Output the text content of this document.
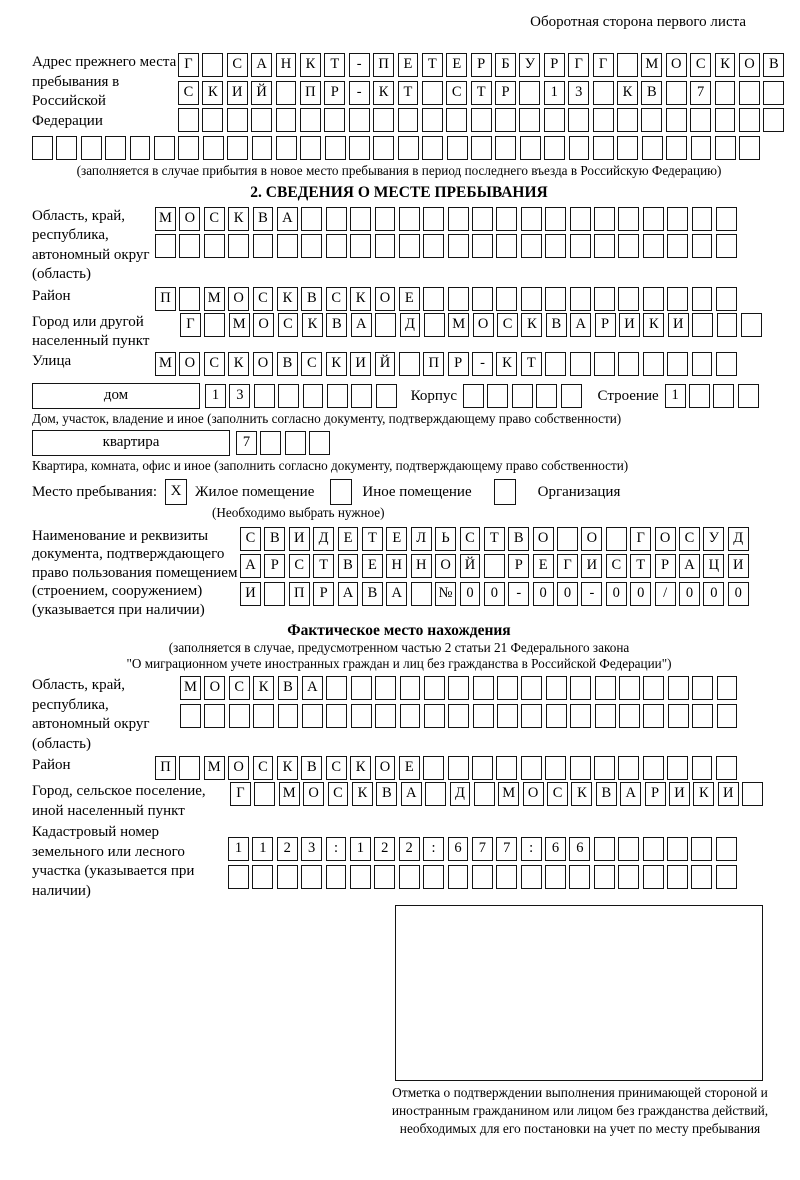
Оборотная сторона первого листа
Адрес прежнего места пребывания в Российской Федерации
Г	С А Н К	Т	-	П	Е	Т	Е	Р	Б	У	Р	Г	Г	М О С	К О В
С	К И Й	П	Р	-	К	Т	С	Т	Р	1	3	К	В	7
(заполняется в случае прибытия в новое место пребывания в период последнего въезда в Российскую Федерацию)
2. СВЕДЕНИЯ О МЕСТЕ ПРЕБЫВАНИЯ
Область, край, республика, автономный округ (область)
М О С	К	В А
Район	П	М О С	К	В	С	К О	Е
Город или другой населенный пункт
Г	М О С	К	В А	Д	М О С	К	В А	Р	И К И
Улица	М О С	К О В	С	К И Й	П	Р	-	К	Т
дом	1	3	Корпус	Строение 1
Дом, участок, владение и иное (заполнить согласно документу, подтверждающему право собственности)
квартира	7
Квартира, комната, офис и иное (заполнить согласно документу, подтверждающему право собственности)
Место пребывания: X Жилое помещение	Иное помещение	Организация
(Необходимо выбрать нужное)
Наименование и реквизиты документа, подтверждающего право пользования помещением (строением, сооружением) (указывается при наличии)
С	В И Д	Е	Т	Е	Л	Ь	С	Т	В О	О	Г	О С У Д
А	Р	С	Т	В	Е	Н Н О Й	Р	Е	Г	И С	Т	Р	А Ц И
И	П	Р	А В А	№ 0	0	-	0	0	-	0	0	/	0	0	0
Фактическое место нахождения
(заполняется в случае, предусмотренном частью 2 статьи 21 Федерального закона
"О миграционном учете иностранных граждан и лиц без гражданства в Российской Федерации")
Область, край, республика, автономный округ (область)
М О С	К	В А
Район	П	М О С	К	В	С	К О	Е
Город, сельское поселение, иной населенный пункт
Г	М О С	К	В А	Д	М О С	К	В А	Р	И К И
Кадастровый номер земельного или лесного участка (указывается при наличии)
1	1	2	3	:	1	2	2	:	6	7	7	:	6	6
Отметка о подтверждении выполнения принимающей стороной и иностранным гражданином или лицом без гражданства действий, необходимых для его постановки на учет по месту пребывания
